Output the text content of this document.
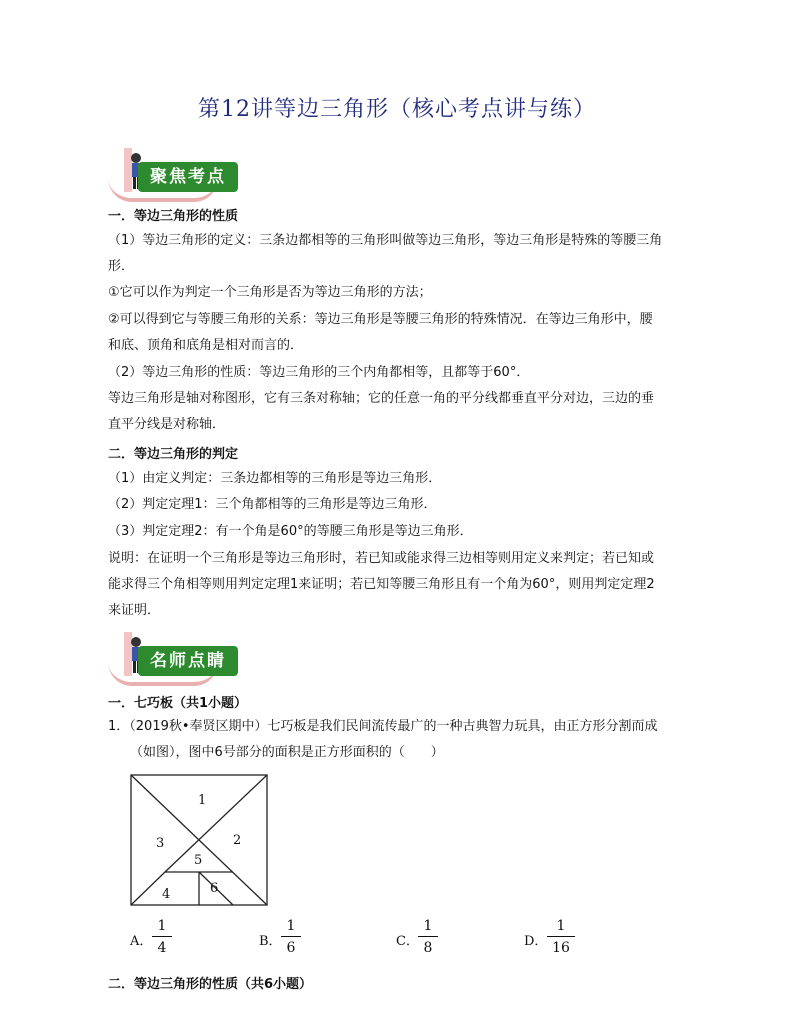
第12讲等边三角形（核心考点讲与练）
聚焦考点
一．等边三角形的性质
（1）等边三角形的定义：三条边都相等的三角形叫做等边三角形，等边三角形是特殊的等腰三角
形．
①它可以作为判定一个三角形是否为等边三角形的方法；
②可以得到它与等腰三角形的关系：等边三角形是等腰三角形的特殊情况．在等边三角形中，腰
和底、顶角和底角是相对而言的．
（2）等边三角形的性质：等边三角形的三个内角都相等，且都等于60°．
等边三角形是轴对称图形，它有三条对称轴；它的任意一角的平分线都垂直平分对边，三边的垂
直平分线是对称轴．
二．等边三角形的判定
（1）由定义判定：三条边都相等的三角形是等边三角形．
（2）判定定理1：三个角都相等的三角形是等边三角形．
（3）判定定理2：有一个角是60°的等腰三角形是等边三角形．
说明：在证明一个三角形是等边三角形时，若已知或能求得三边相等则用定义来判定；若已知或
能求得三个角相等则用判定定理1来证明；若已知等腰三角形且有一个角为60°，则用判定定理2
来证明．
名师点睛
一．七巧板（共1小题）
1．（2019秋•奉贤区期中）七巧板是我们民间流传最广的一种古典智力玩具，由正方形分割而成
（如图），图中6号部分的面积是正方形面积的（　　）
1
2
3
4
5
6
A． $\frac{1}{4}$	B． $\frac{1}{6}$	C． $\frac{1}{8}$	D． $\frac{1}{16}$
二．等边三角形的性质（共6小题）
